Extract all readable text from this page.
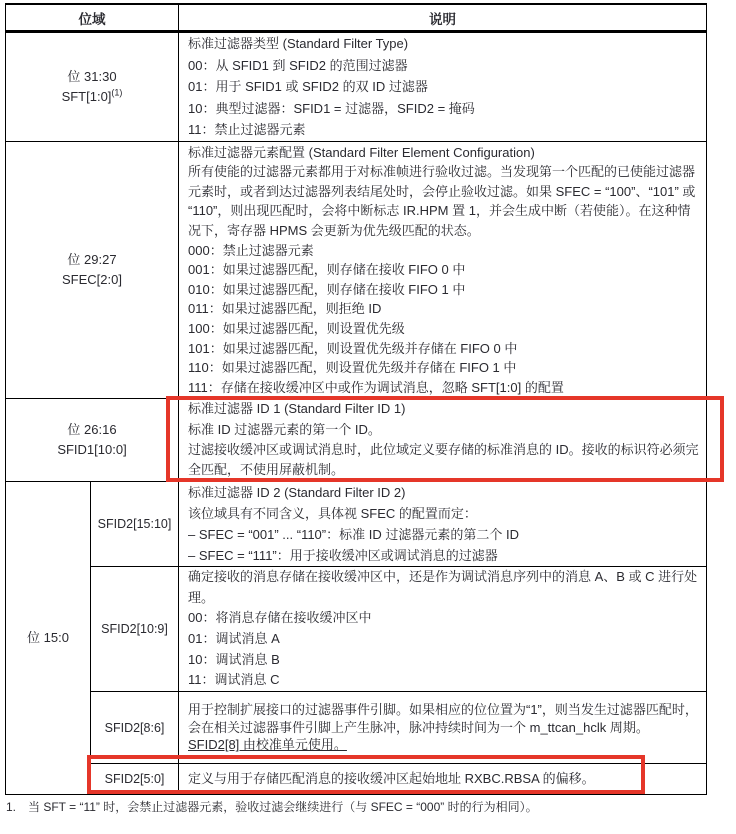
位域	说明
位 31:30
SFT[1:0]$^{(1)}$
标准过滤器类型 (Standard Filter Type)
00：从 SFID1 到 SFID2 的范围过滤器
01：用于 SFID1 或 SFID2 的双 ID 过滤器
10：典型过滤器：SFID1 = 过滤器，SFID2 = 掩码
11：禁止过滤器元素
位 29:27
SFEC[2:0]
标准过滤器元素配置 (Standard Filter Element Configuration)
所有使能的过滤器元素都用于对标准帧进行验收过滤。当发现第一个匹配的已使能过滤器元素时，或者到达过滤器列表结尾处时，会停止验收过滤。如果 SFEC = “100”、“101” 或 “110”，则出现匹配时，会将中断标志 IR.HPM 置 1，并会生成中断（若使能）。在这种情况下，寄存器 HPMS 会更新为优先级匹配的状态。
000：禁止过滤器元素
001：如果过滤器匹配，则存储在接收 FIFO 0 中
010：如果过滤器匹配，则存储在接收 FIFO 1 中
011：如果过滤器匹配，则拒绝 ID
100：如果过滤器匹配，则设置优先级
101：如果过滤器匹配，则设置优先级并存储在 FIFO 0 中
110：如果过滤器匹配，则设置优先级并存储在 FIFO 1 中
111：存储在接收缓冲区中或作为调试消息，忽略 SFT[1:0] 的配置
位 26:16
SFID1[10:0]
标准过滤器 ID 1 (Standard Filter ID 1)
标准 ID 过滤器元素的第一个 ID。
过滤接收缓冲区或调试消息时，此位域定义要存储的标准消息的 ID。接收的标识符必须完全匹配，不使用屏蔽机制。
位 15:0
SFID2[15:10]
标准过滤器 ID 2 (Standard Filter ID 2)
该位域具有不同含义，具体视 SFEC 的配置而定：
– SFEC = “001” ... “110”：标准 ID 过滤器元素的第二个 ID
– SFEC = “111”：用于接收缓冲区或调试消息的过滤器
SFID2[10:9]
确定接收的消息存储在接收缓冲区中，还是作为调试消息序列中的消息 A、B 或 C 进行处理。
00：将消息存储在接收缓冲区中
01：调试消息 A
10：调试消息 B
11：调试消息 C
SFID2[8:6]
用于控制扩展接口的过滤器事件引脚。如果相应的位位置为“1”，则当发生过滤器匹配时，会在相关过滤器事件引脚上产生脉冲，脉冲持续时间为一个 m_ttcan_hclk 周期。
SFID2[8] 由校准单元使用。
SFID2[5:0]	定义与用于存储匹配消息的接收缓冲区起始地址 RXBC.RBSA 的偏移。
1. 当 SFT = “11” 时，会禁止过滤器元素，验收过滤会继续进行（与 SFEC = “000” 时的行为相同）。
